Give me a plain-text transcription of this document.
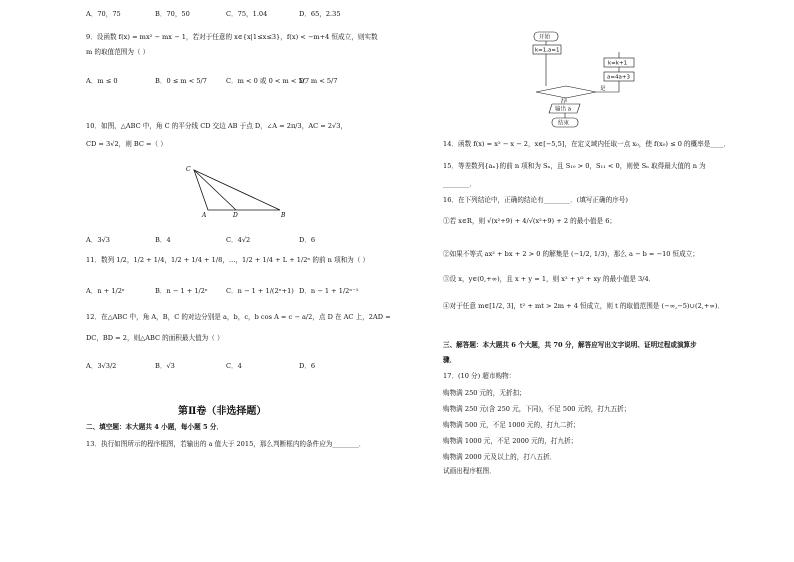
A．70，75	B．70，50	C．75，1.04	D．65，2.35
9．设函数 f(x) = mx² − mx − 1，若对于任意的 x∈{x|1≤x≤3}，f(x) < −m+4 恒成立，则实数
m 的取值范围为（ ）
A．m ≤ 0	B．0 ≤ m < 5/7	C．m < 0 或 0 < m < 5/7
D．m < 5/7
10．如图，△ABC 中，角 C 的平分线 CD 交边 AB 于点 D，∠A = 2π/3，AC = 2√3，
CD = 3√2，则 BC =（ ）
C
A	D	B
A．3√3	B．4	C．4√2	D．6
11．数列 1/2，1/2 + 1/4，1/2 + 1/4 + 1/8，…，1/2 + 1/4 + L + 1/2ⁿ 的前 n 项和为（ ）
A．n + 1/2ⁿ	B．n − 1 + 1/2ⁿ	C．n − 1 + 1/(2ⁿ+1) D．n − 1 + 1/2ⁿ⁻¹
12．在△ABC 中，角 A，B，C 的对边分别是 a，b，c，b cos A = c − a/2，点 D 在 AC 上，2AD =
DC，BD = 2，则△ABC 的面积最大值为（ ）
A．3√3/2	B．√3	C．4	D．6
第Ⅱ卷（非选择题）
二、填空题：本大题共 4 小题，每小题 5 分．
13．执行如图所示的程序框图，若输出的 a 值大于 2015，那么判断框内的条件应为________．
开始
k=1,a=1
k=k+1
a=4a+3
是
否
输出 a
结束
14．函数 f(x) = x² − x − 2，x∈[−5,5]，在定义域内任取一点 x₀，使 f(x₀) ≤ 0 的概率是____．
15．等差数列{aₙ}的前 n 项和为 Sₙ，且 S₁₀ > 0，S₁₁ < 0，则使 Sₙ 取得最大值的 n 为
________．
16．在下列结论中，正确的结论有________．(填写正确的序号)
①若 x∈R，则 √(x²+9) + 4/√(x²+9) + 2 的最小值是 6；
②如果不等式 ax² + bx + 2 > 0 的解集是 (−1/2, 1/3)，那么 a − b = −10 恒成立；
③设 x，y∈(0,+∞)，且 x + y = 1，则 x² + y² + xy 的最小值是 3/4．
④对于任意 m∈[1/2, 3]，t² + mt > 2m + 4 恒成立，则 t 的取值范围是 (−∞,−5)∪(2,+∞)．
三、解答题：本大题共 6 个大题，共 70 分，解答应写出文字说明、证明过程或演算步
骤．
17．(10 分) 超市购物：
购物满 250 元的，无折扣；
购物满 250 元(含 250 元，下同)，不足 500 元的，打九五折；
购物满 500 元，不足 1000 元的，打九二折；
购物满 1000 元，不足 2000 元的，打九折；
购物满 2000 元及以上的，打八五折．
试画出程序框图．
